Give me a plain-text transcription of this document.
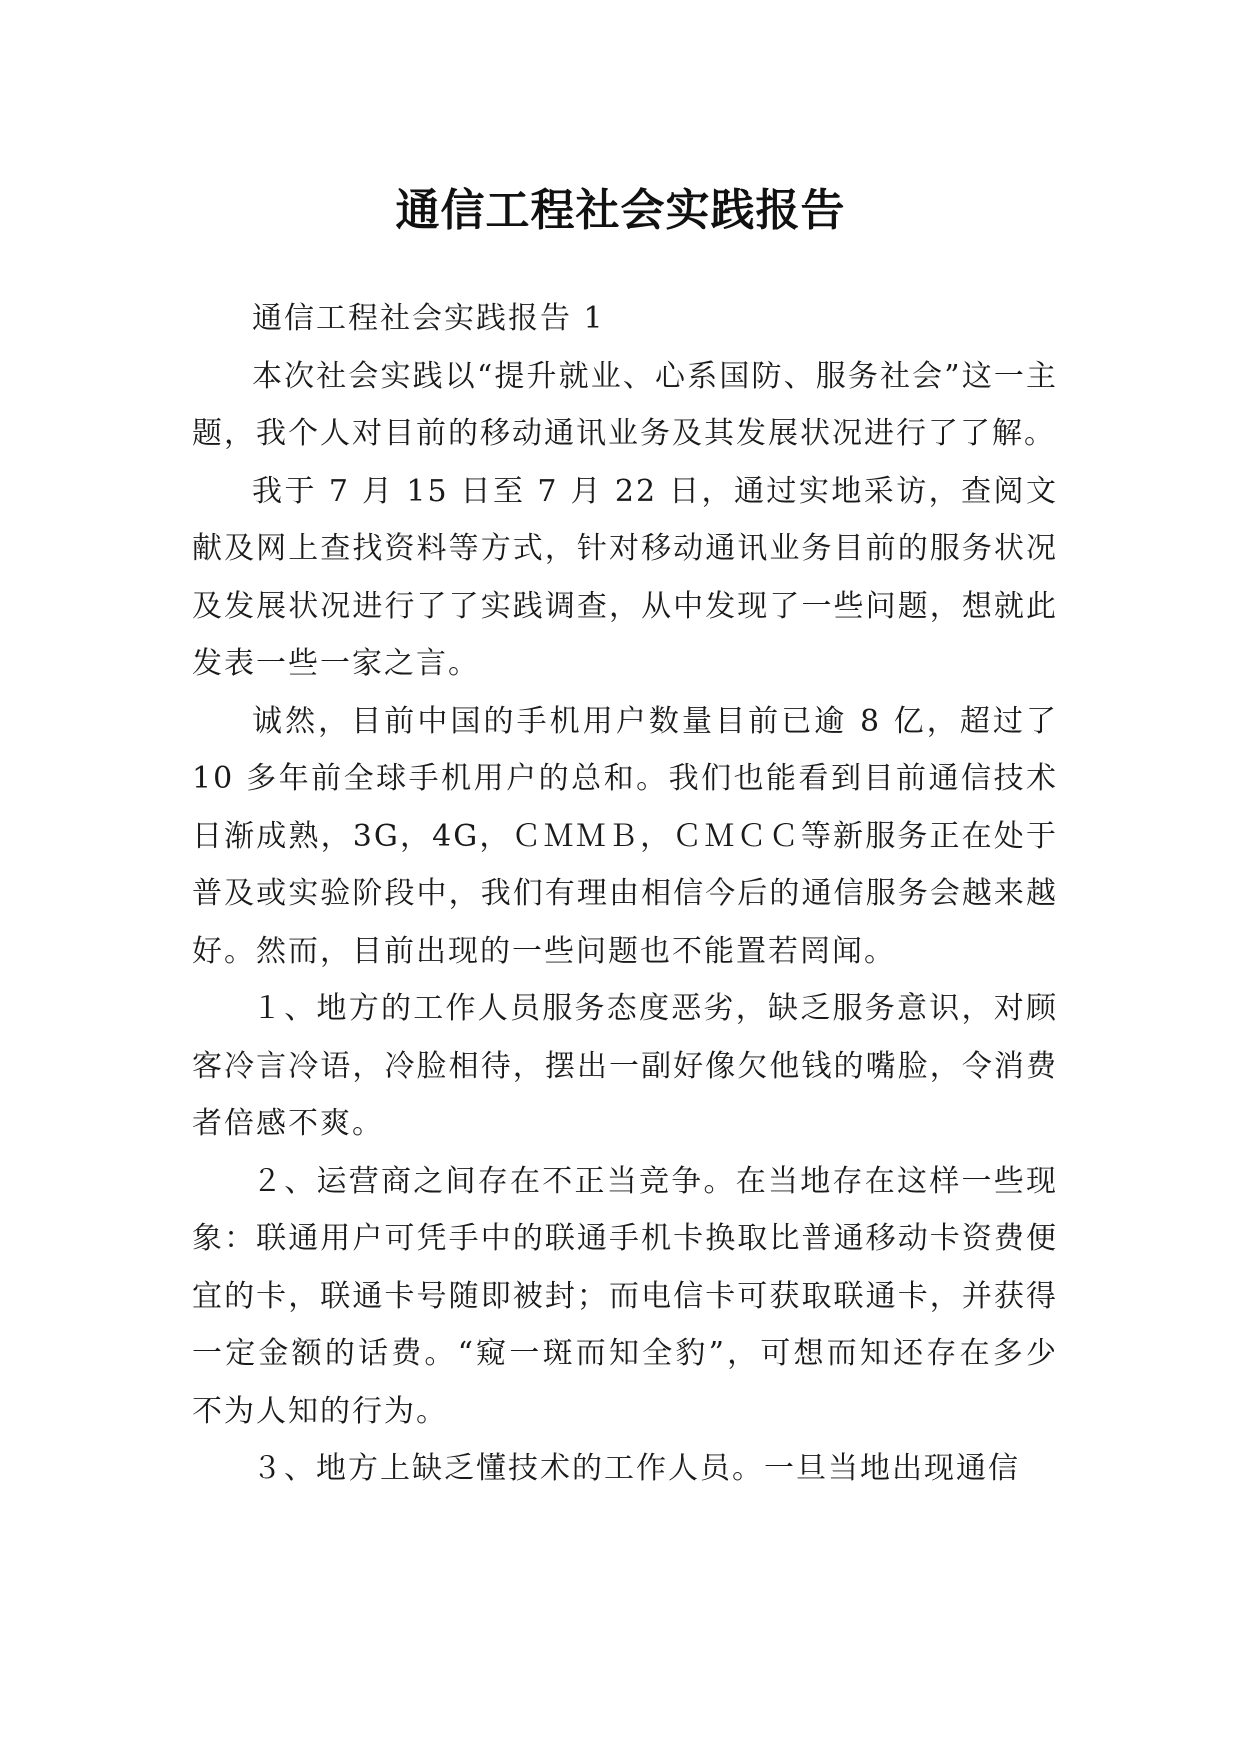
通信工程社会实践报告

通信工程社会实践报告 1

本次社会实践以“提升就业、心系国防、服务社会”这一主题，我个人对目前的移动通讯业务及其发展状况进行了了解。

我于 7 月 15 日至 7 月 22 日，通过实地采访，查阅文献及网上查找资料等方式，针对移动通讯业务目前的服务状况及发展状况进行了了实践调查，从中发现了一些问题，想就此发表一些一家之言。

诚然，目前中国的手机用户数量目前已逾 8 亿，超过了 10 多年前全球手机用户的总和。我们也能看到目前通信技术日渐成熟，3G，4G，ＣＭＭＢ，ＣＭＣＣ等新服务正在处于普及或实验阶段中，我们有理由相信今后的通信服务会越来越好。然而，目前出现的一些问题也不能置若罔闻。

１、地方的工作人员服务态度恶劣，缺乏服务意识，对顾客冷言冷语，冷脸相待，摆出一副好像欠他钱的嘴脸，令消费者倍感不爽。

２、运营商之间存在不正当竞争。在当地存在这样一些现象：联通用户可凭手中的联通手机卡换取比普通移动卡资费便宜的卡，联通卡号随即被封；而电信卡可获取联通卡，并获得一定金额的话费。“窥一斑而知全豹”，可想而知还存在多少不为人知的行为。

３、地方上缺乏懂技术的工作人员。一旦当地出现通信
